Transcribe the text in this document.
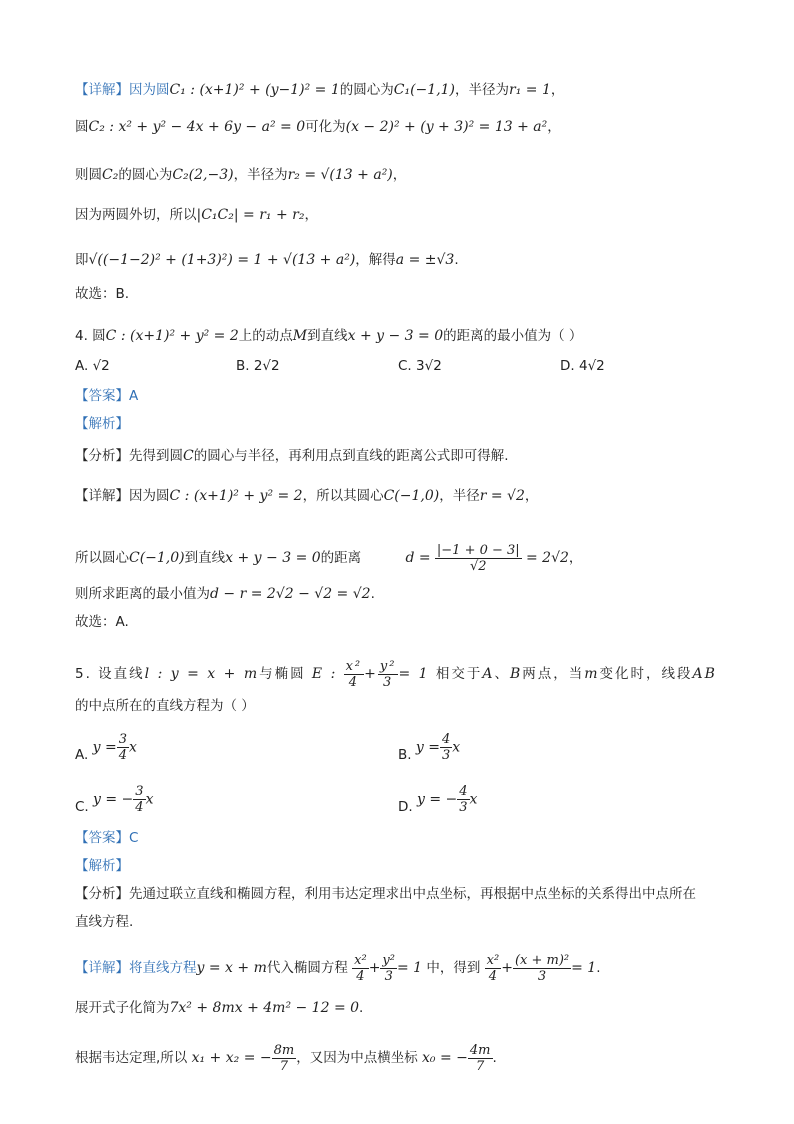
【详解】因为圆C₁ : (x+1)² + (y−1)² = 1的圆心为C₁(−1,1)，半径为r₁ = 1，
圆C₂ : x² + y² − 4x + 6y − a² = 0可化为(x − 2)² + (y + 3)² = 13 + a²，
则圆C₂的圆心为C₂(2,−3)，半径为r₂ = √(13 + a²)，
因为两圆外切，所以|C₁C₂| = r₁ + r₂，
即√((−1−2)² + (1+3)²) = 1 + √(13 + a²)，解得a = ±√3.
故选：B.
4. 圆C : (x+1)² + y² = 2上的动点M到直线x + y − 3 = 0的距离的最小值为（ ）
A. √2	B. 2√2	C. 3√2	D. 4√2
【答案】A
【解析】
【分析】先得到圆C的圆心与半径，再利用点到直线的距离公式即可得解.
【详解】因为圆C : (x+1)² + y² = 2，所以其圆心C(−1,0)，半径r = √2，
所以圆心C(−1,0)到直线x + y − 3 = 0的距离	$d = \frac{|-1 + 0 - 3|}{√2} = 2√2$，
则所求距离的最小值为d − r = 2√2 − √2 = √2.
故选：A.
5. 设直线l : y = x + m与椭圆 E : $\frac{\text{x²}}{4} + \frac{\text{y²}}{3} = 1$ 相交于A、B两点，当m变化时，线段AB
的中点所在的直线方程为（ ）
A. $y = \frac{3}{4}$ x	B. $y = \frac{4}{3}$ x
C. y = − $\frac{3}{4}$ x	D. y = − $\frac{4}{3}$ x
【答案】C
【解析】
【分析】先通过联立直线和椭圆方程，利用韦达定理求出中点坐标，再根据中点坐标的关系得出中点所在
直线方程.
【详解】将直线方程y = x + m代入椭圆方程 $\frac{\text{x²}}{4} + \frac{\text{y²}}{3} = 1$ 中，得到 $\frac{\text{x²}}{4} + \frac{\text{(x + m)²}}{3} = 1$.
展开式子化简为7x² + 8mx + 4m² − 12 = 0.
根据韦达定理,所以 x₁ + x₂ = − $\frac{8m}{7}$ ，又因为中点横坐标 x₀ = − $\frac{4m}{7}$ .
